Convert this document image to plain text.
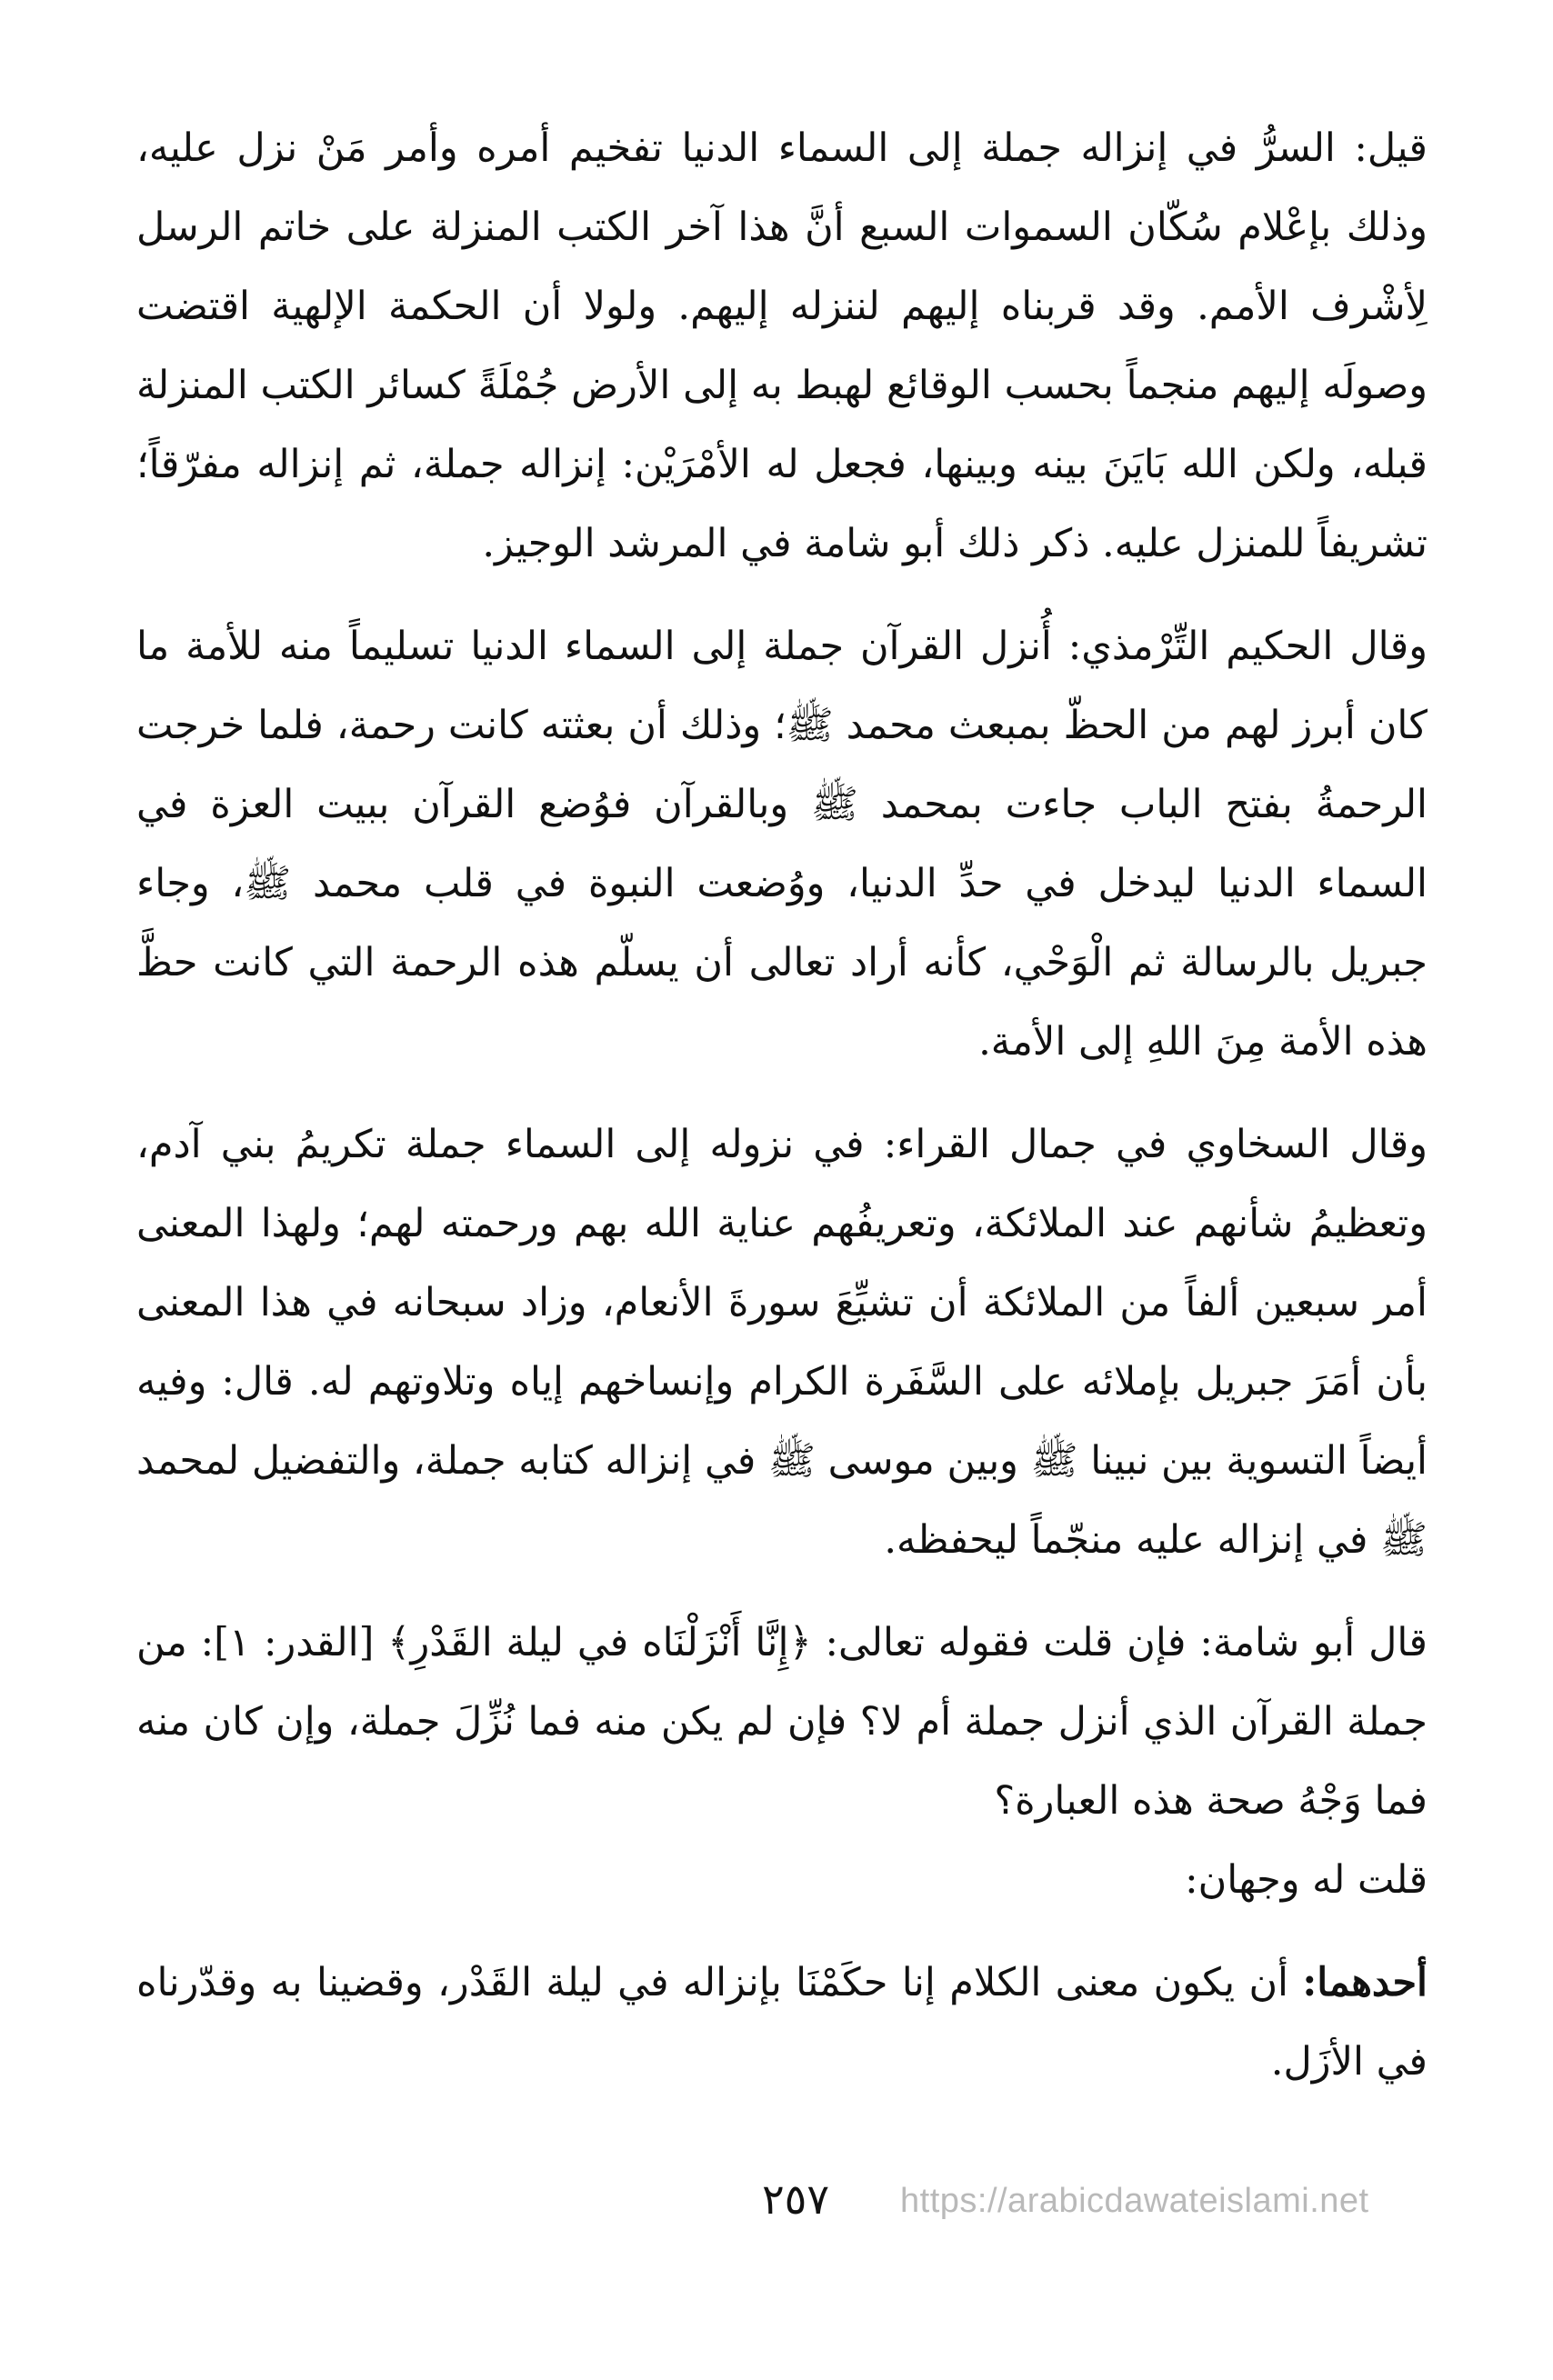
قيل: السرُّ في إنزاله جملة إلى السماء الدنيا تفخيم أمره وأمر مَنْ نزل عليه، وذلك بإعْلام سُكّان السموات السبع أنَّ هذا آخر الكتب المنزلة على خاتم الرسل لِأشْرف الأمم. وقد قربناه إليهم لننزله إليهم. ولولا أن الحكمة الإلهية اقتضت وصولَه إليهم منجماً بحسب الوقائع لهبط به إلى الأرض جُمْلَةً كسائر الكتب المنزلة قبله، ولكن الله بَايَنَ بينه وبينها، فجعل له الأمْرَيْن: إنزاله جملة، ثم إنزاله مفرّقاً؛ تشريفاً للمنزل عليه. ذكر ذلك أبو شامة في المرشد الوجيز.

وقال الحكيم التِّرْمذي: أُنزل القرآن جملة إلى السماء الدنيا تسليماً منه للأمة ما كان أبرز لهم من الحظّ بمبعث محمد ﷺ؛ وذلك أن بعثته كانت رحمة، فلما خرجت الرحمةُ بفتح الباب جاءت بمحمد ﷺ وبالقرآن فوُضع القرآن ببيت العزة في السماء الدنيا ليدخل في حدِّ الدنيا، ووُضعت النبوة في قلب محمد ﷺ، وجاء جبريل بالرسالة ثم الْوَحْي، كأنه أراد تعالى أن يسلّم هذه الرحمة التي كانت حظَّ هذه الأمة مِنَ اللهِ إلى الأمة.

وقال السخاوي في جمال القراء: في نزوله إلى السماء جملة تكريمُ بني آدم، وتعظيمُ شأنهم عند الملائكة، وتعريفُهم عناية الله بهم ورحمته لهم؛ ولهذا المعنى أمر سبعين ألفاً من الملائكة أن تشيِّعَ سورةَ الأنعام، وزاد سبحانه في هذا المعنى بأن أمَرَ جبريل بإملائه على السَّفَرة الكرام وإنساخهم إياه وتلاوتهم له. قال: وفيه أيضاً التسوية بين نبينا ﷺ وبين موسى ﷺ في إنزاله كتابه جملة، والتفضيل لمحمد ﷺ في إنزاله عليه منجّماً ليحفظه.

قال أبو شامة: فإن قلت فقوله تعالى: ﴿إِنَّا أَنْزَلْنَاه في ليلة القَدْرِ﴾ [القدر: ١]: من جملة القرآن الذي أنزل جملة أم لا؟ فإن لم يكن منه فما نُزِّلَ جملة، وإن كان منه فما وَجْهُ صحة هذه العبارة؟

قلت له وجهان:

أحدهما: أن يكون معنى الكلام إنا حكَمْنَا بإنزاله في ليلة القَدْر، وقضينا به وقدّرناه في الأزَل.

٢٥٧	https://arabicdawateislami.net
